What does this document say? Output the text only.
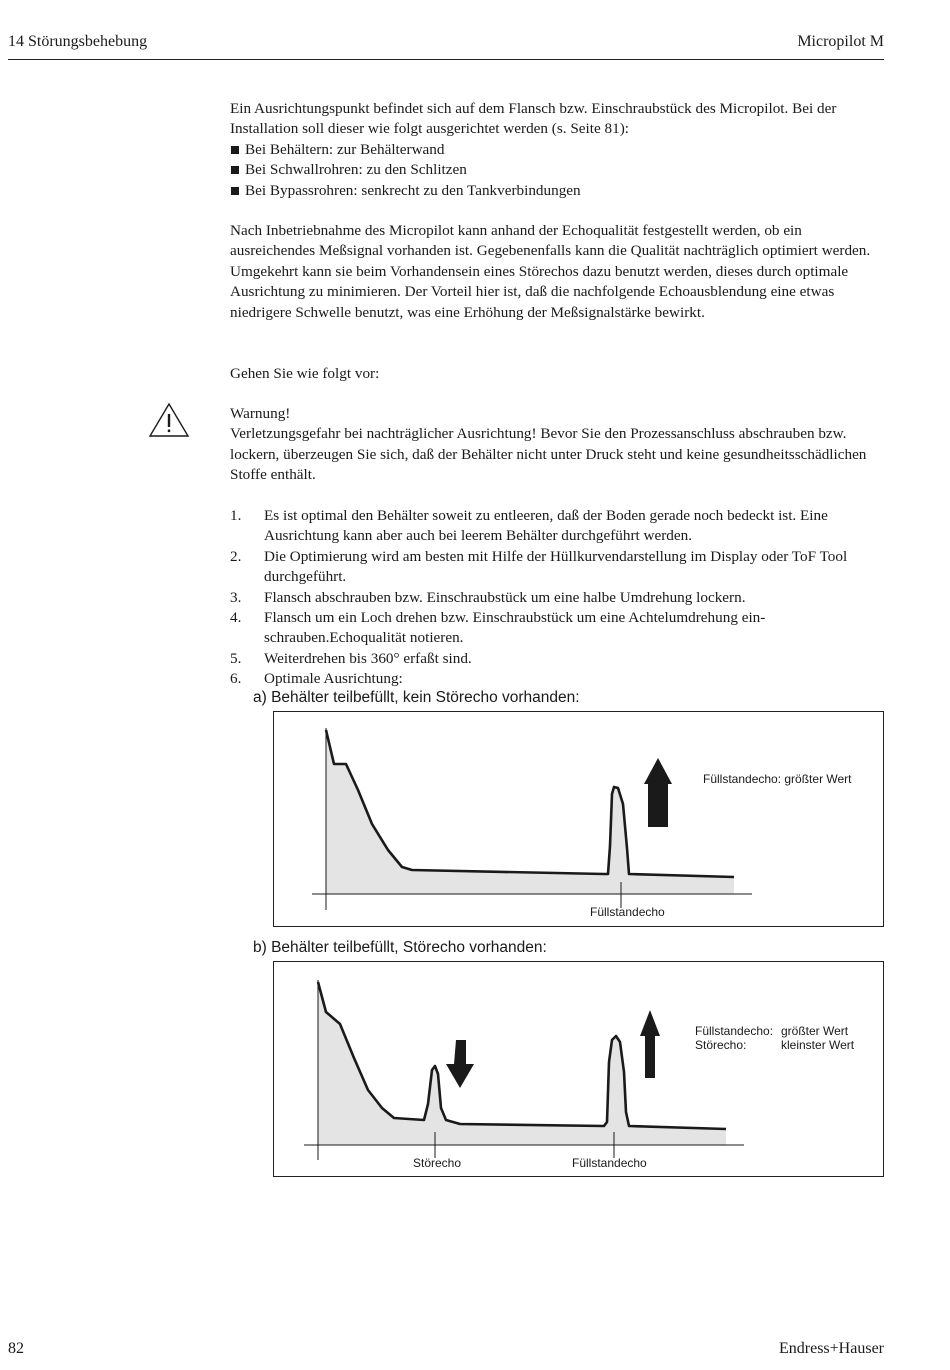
14 Störungsbehebung	Micropilot M

Ein Ausrichtungspunkt befindet sich auf dem Flansch bzw. Einschraubstück des Micropilot. Bei der Installation soll dieser wie folgt ausgerichtet werden (s. Seite 81):

Bei Behältern: zur Behälterwand
Bei Schwallrohren: zu den Schlitzen
Bei Bypassrohren: senkrecht zu den Tankverbindungen

Nach Inbetriebnahme des Micropilot kann anhand der Echoqualität festgestellt werden, ob ein ausreichendes Meßsignal vorhanden ist. Gegebenenfalls kann die Qualität nachträglich optimiert werden. Umgekehrt kann sie beim Vorhandensein eines Störechos dazu benutzt werden, dieses durch optimale Ausrichtung zu minimieren. Der Vorteil hier ist, daß die nachfolgende Echoausblendung eine etwas niedrigere Schwelle benutzt, was eine Erhöhung der Meßsignalstärke bewirkt.

Gehen Sie wie folgt vor:

Warnung!

Verletzungsgefahr bei nachträglicher Ausrichtung! Bevor Sie den Prozessanschluss abschrauben bzw. lockern, überzeugen Sie sich, daß der Behälter nicht unter Druck steht und keine gesundheitsschädlichen Stoffe enthält.

1. Es ist optimal den Behälter soweit zu entleeren, daß der Boden gerade noch bedeckt ist. Eine Ausrichtung kann aber auch bei leerem Behälter durchgeführt werden.
2. Die Optimierung wird am besten mit Hilfe der Hüllkurvendarstellung im Display oder ToF Tool durchgeführt.
3. Flansch abschrauben bzw. Einschraubstück um eine halbe Umdrehung lockern.
4. Flansch um ein Loch drehen bzw. Einschraubstück um eine Achtelumdrehung ein- schrauben.Echoqualität notieren.
5. Weiterdrehen bis 360° erfaßt sind.
6. Optimale Ausrichtung:
a) Behälter teilbefüllt, kein Störecho vorhanden:
Füllstandecho: größter Wert
Füllstandecho
b) Behälter teilbefüllt, Störecho vorhanden:
Füllstandecho: größter Wert
Störecho:	kleinster Wert
Störecho	Füllstandecho
82	Endress+Hauser
